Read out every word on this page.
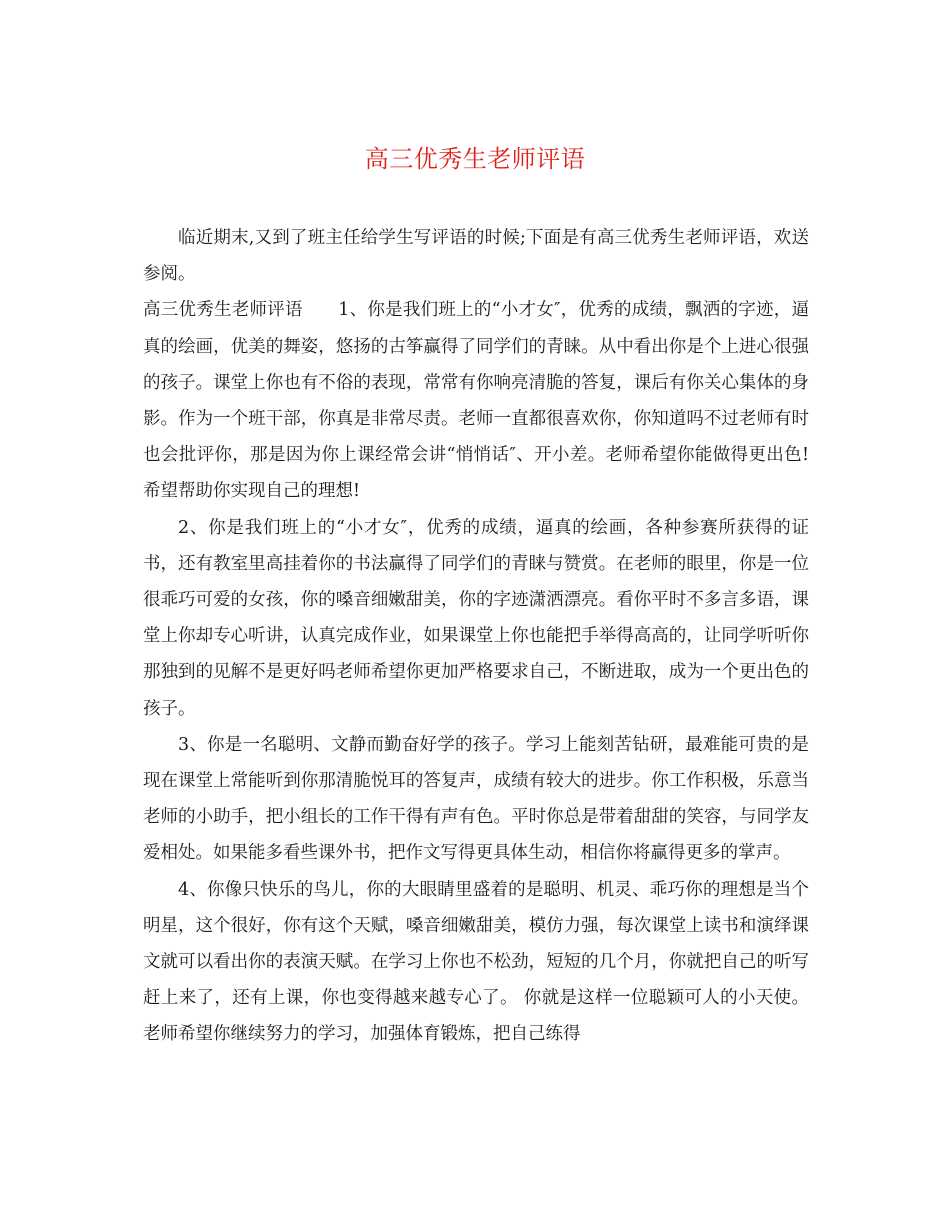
高三优秀生老师评语

临近期末,又到了班主任给学生写评语的时候;下面是有高三优秀生老师评语，欢送参阅。

高三优秀生老师评语　　1、你是我们班上的“小才女″，优秀的成绩，飘洒的字迹，逼真的绘画，优美的舞姿，悠扬的古筝赢得了同学们的青睐。从中看出你是个上进心很强的孩子。课堂上你也有不俗的表现，常常有你响亮清脆的答复，课后有你关心集体的身影。作为一个班干部，你真是非常尽责。老师一直都很喜欢你，你知道吗不过老师有时也会批评你，那是因为你上课经常会讲“悄悄话″、开小差。老师希望你能做得更出色!希望帮助你实现自己的理想!

2、你是我们班上的“小才女″，优秀的成绩，逼真的绘画，各种参赛所获得的证书，还有教室里高挂着你的书法赢得了同学们的青睐与赞赏。在老师的眼里，你是一位很乖巧可爱的女孩，你的嗓音细嫩甜美，你的字迹潇洒漂亮。看你平时不多言多语，课堂上你却专心听讲，认真完成作业，如果课堂上你也能把手举得高高的，让同学听听你那独到的见解不是更好吗老师希望你更加严格要求自己，不断进取，成为一个更出色的孩子。

3、你是一名聪明、文静而勤奋好学的孩子。学习上能刻苦钻研，最难能可贵的是现在课堂上常能听到你那清脆悦耳的答复声，成绩有较大的进步。你工作积极，乐意当老师的小助手，把小组长的工作干得有声有色。平时你总是带着甜甜的笑容，与同学友爱相处。如果能多看些课外书，把作文写得更具体生动，相信你将赢得更多的掌声。

4、你像只快乐的鸟儿，你的大眼睛里盛着的是聪明、机灵、乖巧你的理想是当个明星，这个很好，你有这个天赋，嗓音细嫩甜美，模仿力强，每次课堂上读书和演绎课文就可以看出你的表演天赋。在学习上你也不松劲，短短的几个月，你就把自己的听写赶上来了，还有上课，你也变得越来越专心了。 你就是这样一位聪颖可人的小天使。老师希望你继续努力的学习，加强体育锻炼，把自己练得
